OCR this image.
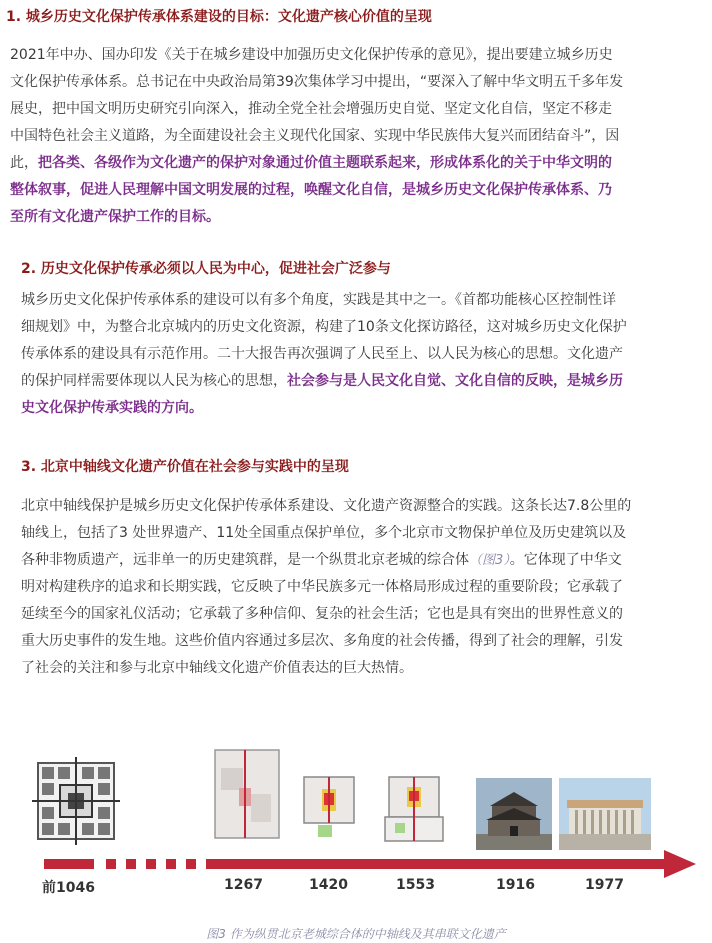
1. 城乡历史文化保护传承体系建设的目标：文化遗产核心价值的呈现
2021年中办、国办印发《关于在城乡建设中加强历史文化保护传承的意见》，提出要建立城乡历史
文化保护传承体系。总书记在中央政治局第39次集体学习中提出，“要深入了解中华文明五千多年发
展史，把中国文明历史研究引向深入，推动全党全社会增强历史自觉、坚定文化自信，坚定不移走
中国特色社会主义道路，为全面建设社会主义现代化国家、实现中华民族伟大复兴而团结奋斗”，因
此，把各类、各级作为文化遗产的保护对象通过价值主题联系起来，形成体系化的关于中华文明的
整体叙事，促进人民理解中国文明发展的过程，唤醒文化自信，是城乡历史文化保护传承体系、乃
至所有文化遗产保护工作的目标。
2. 历史文化保护传承必须以人民为中心，促进社会广泛参与
城乡历史文化保护传承体系的建设可以有多个角度，实践是其中之一。《首都功能核心区控制性详
细规划》中，为整合北京城内的历史文化资源，构建了10条文化探访路径，这对城乡历史文化保护
传承体系的建设具有示范作用。二十大报告再次强调了人民至上、以人民为核心的思想。文化遗产
的保护同样需要体现以人民为核心的思想，社会参与是人民文化自觉、文化自信的反映，是城乡历
史文化保护传承实践的方向。
3. 北京中轴线文化遗产价值在社会参与实践中的呈现
北京中轴线保护是城乡历史文化保护传承体系建设、文化遗产资源整合的实践。这条长达7.8公里的
轴线上，包括了3 处世界遗产、11处全国重点保护单位，多个北京市文物保护单位及历史建筑以及
各种非物质遗产，远非单一的历史建筑群，是一个纵贯北京老城的综合体（图3）。它体现了中华文
明对构建秩序的追求和长期实践，它反映了中华民族多元一体格局形成过程的重要阶段；它承载了
延续至今的国家礼仪活动；它承载了多种信仰、复杂的社会生活；它也是具有突出的世界性意义的
重大历史事件的发生地。这些价值内容通过多层次、多角度的社会传播，得到了社会的理解，引发
了社会的关注和参与北京中轴线文化遗产价值表达的巨大热情。
前1046	1267	1420	1553	1916	1977
图3 作为纵贯北京老城综合体的中轴线及其串联文化遗产
